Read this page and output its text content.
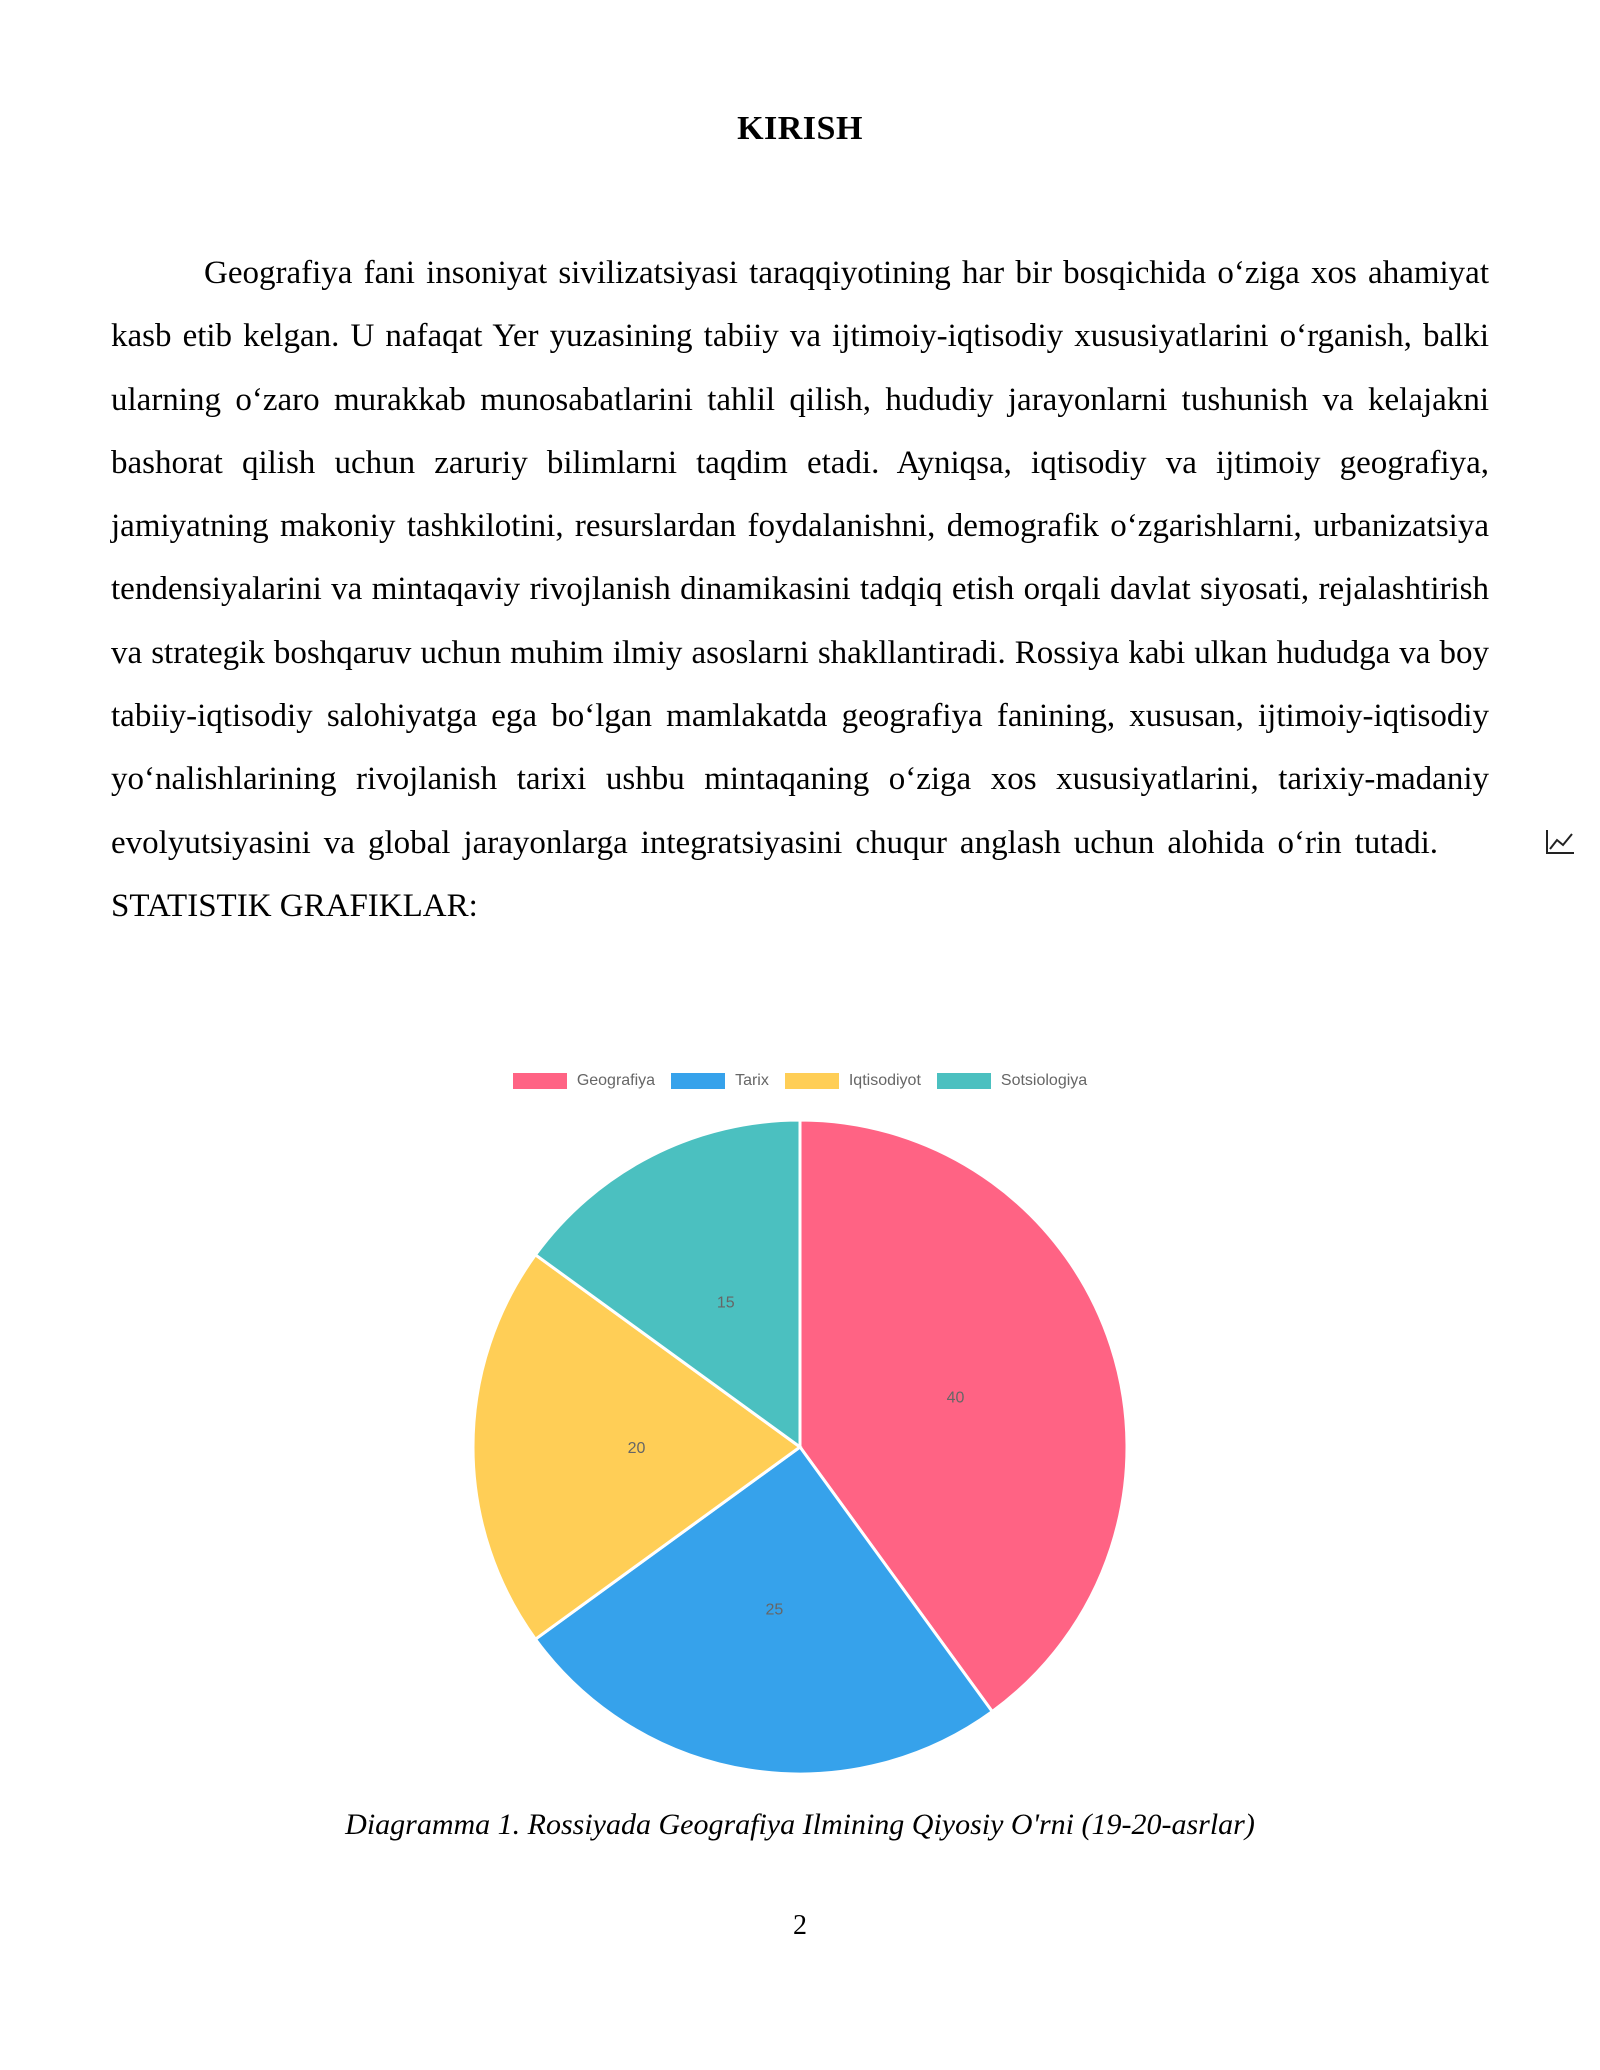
KIRISH

Geografiya fani insoniyat sivilizatsiyasi taraqqiyotining har bir bosqichida o‘ziga xos ahamiyat kasb etib kelgan. U nafaqat Yer yuzasining tabiiy va ijtimoiy-iqtisodiy xususiyatlarini o‘rganish, balki ularning o‘zaro murakkab munosabatlarini tahlil qilish, hududiy jarayonlarni tushunish va kelajakni bashorat qilish uchun zaruriy bilimlarni taqdim etadi. Ayniqsa, iqtisodiy va ijtimoiy geografiya, jamiyatning makoniy tashkilotini, resurslardan foydalanishni, demografik o‘zgarishlarni, urbanizatsiya tendensiyalarini va mintaqaviy rivojlanish dinamikasini tadqiq etish orqali davlat siyosati, rejalashtirish va strategik boshqaruv uchun muhim ilmiy asoslarni shakllantiradi. Rossiya kabi ulkan hududga va boy tabiiy-iqtisodiy salohiyatga ega bo‘lgan mamlakatda geografiya fanining, xususan, ijtimoiy-iqtisodiy yo‘nalishlarining rivojlanish tarixi ushbu mintaqaning o‘ziga xos xususiyatlarini, tarixiy-madaniy evolyutsiyasini va global jarayonlarga integratsiyasini chuqur anglash uchun alohida o‘rin tutadi. STATISTIK GRAFIKLAR:

Geografiya	Tarix	Iqtisodiyot	Sotsiologiya
40
25
20
15
Diagramma 1. Rossiyada Geografiya Ilmining Qiyosiy O'rni (19-20-asrlar)
2
